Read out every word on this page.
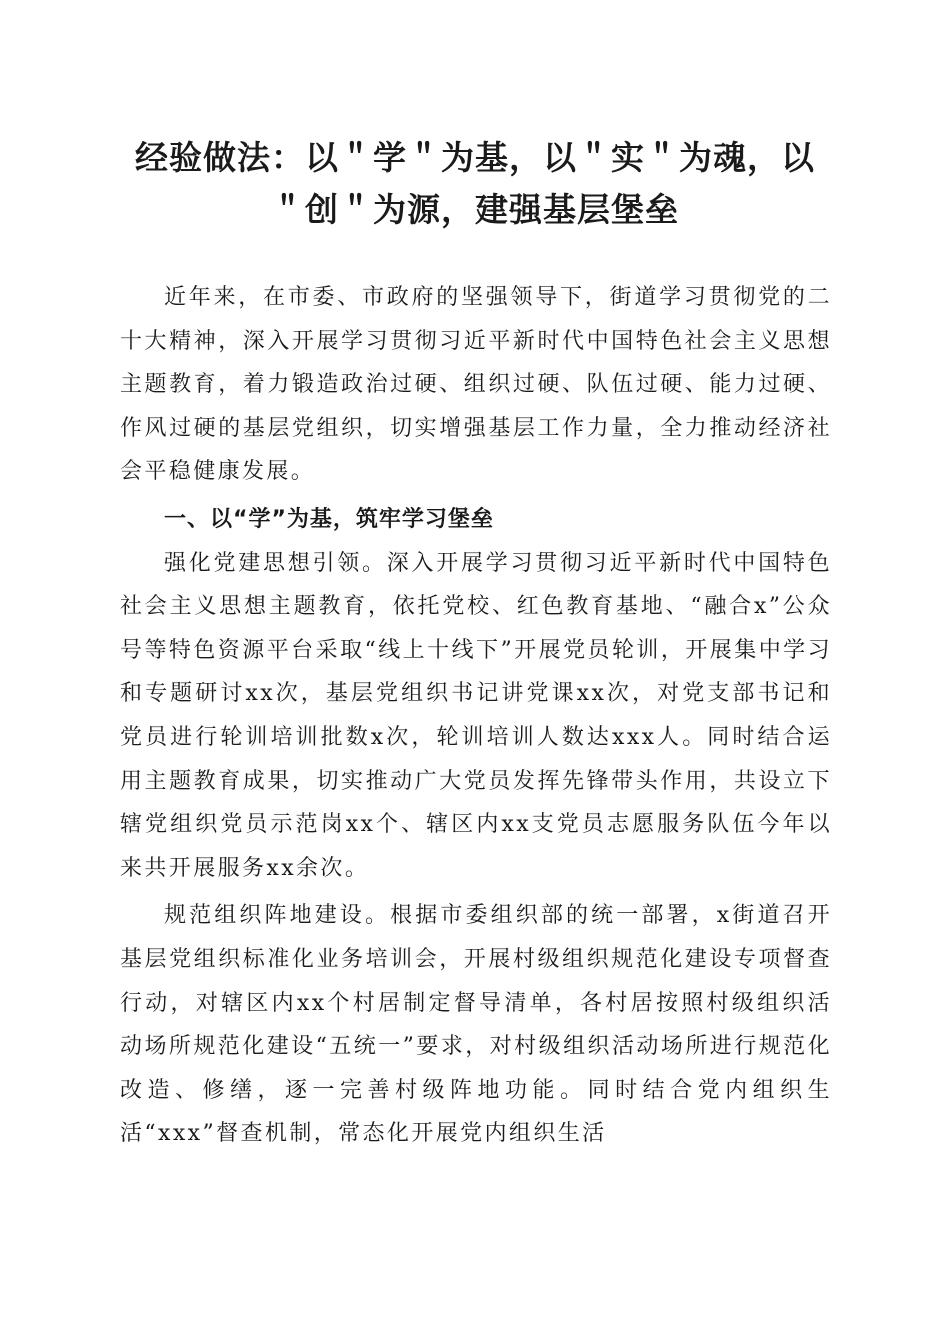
经验做法：以＂学＂为基，以＂实＂为魂，以
＂创＂为源，建强基层堡垒

近年来，在市委、市政府的坚强领导下，街道学习贯彻党的二十大精神，深入开展学习贯彻习近平新时代中国特色社会主义思想主题教育，着力锻造政治过硬、组织过硬、队伍过硬、能力过硬、作风过硬的基层党组织，切实增强基层工作力量，全力推动经济社会平稳健康发展。

一、以“学”为基，筑牢学习堡垒

强化党建思想引领。深入开展学习贯彻习近平新时代中国特色社会主义思想主题教育，依托党校、红色教育基地、“融合x”公众号等特色资源平台采取“线上十线下”开展党员轮训，开展集中学习和专题研讨xx次，基层党组织书记讲党课xx次，对党支部书记和党员进行轮训培训批数x次，轮训培训人数达xxx人。同时结合运用主题教育成果，切实推动广大党员发挥先锋带头作用，共设立下辖党组织党员示范岗xx个、辖区内xx支党员志愿服务队伍今年以来共开展服务xx余次。

规范组织阵地建设。根据市委组织部的统一部署，x街道召开基层党组织标准化业务培训会，开展村级组织规范化建设专项督查行动，对辖区内xx个村居制定督导清单，各村居按照村级组织活动场所规范化建设“五统一”要求，对村级组织活动场所进行规范化改造、修缮，逐一完善村级阵地功能。同时结合党内组织生活“xxx”督查机制，常态化开展党内组织生活
